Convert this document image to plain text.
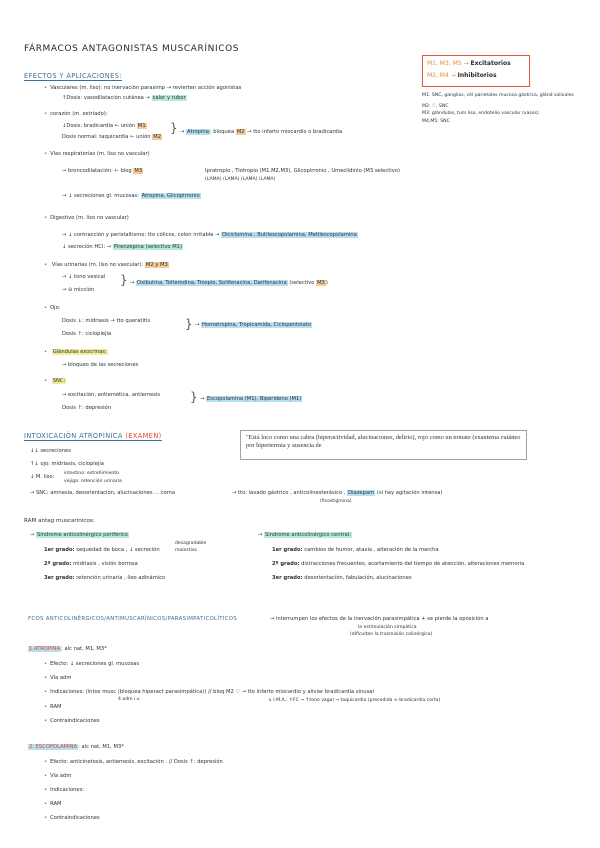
FÁRMACOS ANTAGONISTAS MUSCARÍNICOS
M1, M3, M5 → Excitatorios
M2, M4 → Inhibitorios
M1: SNC, ganglios, cél parietales mucosa gástrica, glánd salivales
M2: ♡, SNC
M3: glándulas, tum liso, endotelio vascular (vasos)
M4,M5: SNC
EFECTOS Y APLICACIONES:
• Vasculares (m. liso): no inervación parasimp → revierten acción agonistas
↑Dosis: vasodilatación cutánea → calor y rubor
• corazón (m. estriado):
↓Dosis: bradicardia ← unión M1
Dosis normal: taquicardia ← unión M2
} → Atropina: bloquea M2 → tto infarto miocardio o bradicardia
• Vías respiratorias (m. liso no vascular)
→ broncodilatación: ← blog M3	Ipratropio , Tiotropio (M1,M2,M3), Glicopirronio , Umeclidinio (M3 selectivo)
(LAMA) (LAMA) (LAMA) (LAMA)
→ ↓ secreciones gl. mucosas: Atropina, Glicopirronio
• Digestivo (m. liso no vascular)
→ ↓ contracción y peristaltismo: tto cólicos, colon irritable → Diciclomina , Butilescopolamina, Metilescopolamina
↓ secreción HCl: → Pirenzepina (selectivo M1)
• Vías urinarias (m. liso no vascular): M2 y M3
→ ↓ tono vesical
→ ⊖ micción
} → Oxibutina, Tolterodina, Trospio, Solifenacina, Darifenacina (selectivo M3)
• Ojo:
Dosis ↓: midriasis → tto queratitis
Dosis ↑: cicloplejia
} → Homatropina, Tropicamida, Ciclopentolato
• Glándulas exocrinas:
→ bloqueo de las secreciones
• SNC:
→ excitación, antiemética, antiemesis
Dosis ↑: depresión
} → Escopolamina (M1), Biperideno (M1)
INTOXICACIÓN ATROPÍNICA (EXAMEN)
↓↓ secreciones
↑↓ ojo: midriasis, cicloplejía
↓ M. liso:
intestino: estreñimiento
vejiga: retención urinaria
→ SNC: amnesia, desorientación, alucinaciones ... coma	→ tto: lavado gástrico , anticolinesterásico , Diazepam (si hay agitación intensa)
(fisostigmina)
"Está loco como una cabra (hiperactividad, alucinaciones, delirio), rojo como un tomate (exantema cutáneo por hipertermia y ausencia de
RAM antag muscarínicos:
→ Síndrome anticolinérgico periférico
desagradable
molestias
1er grado: sequedad de boca , ↓ secreción
2º grado: midriasis , visión borrosa
3er grado: retención urinaria , íleo adinámico
→ Síndrome anticolinérgico central:
1er grado: cambios de humor, ataxia , alteración de la marcha
2º grado: distracciones frecuentes, acortamiento del tiempo de atención, alteraciones memoria
3er grado: desorientación, fabulación, alucinaciones
FCOS ANTICOLINÉRGICOS/ANTIMUSCARÍNICOS/PARASIMPATICOLÍTICOS	→ interrumpen los efectos de la inervación parasimpática + se pierde la oposición a
la estimulación simpática
(dificultan la trasmisión colinérgica)
1.ATROPINA: alc nat, M1, M3*
• Efecto: ↓ secreciones gl. mucosas
• Vía adm
• Indicaciones: (intox musc (bloquea hiperact parasimpática)) // bloq M2 ♡ → tto infarto miocardio y aliviar bradicardia sinusal
4 adm i.v.	↳ I.M.A.: ↑FC → ↑tono vagal → taquicardia (precedida ≈ bradicardia corta)
• RAM
• Contraindicaciones
2. ESCOPOLAMINA: alc nat, M1, M3*
• Efecto: anticinetosis, antiemesis, excitación . // Dosis ↑: depresión
• Vía adm
• Indicaciones:
• RAM
• Contraindicaciones
